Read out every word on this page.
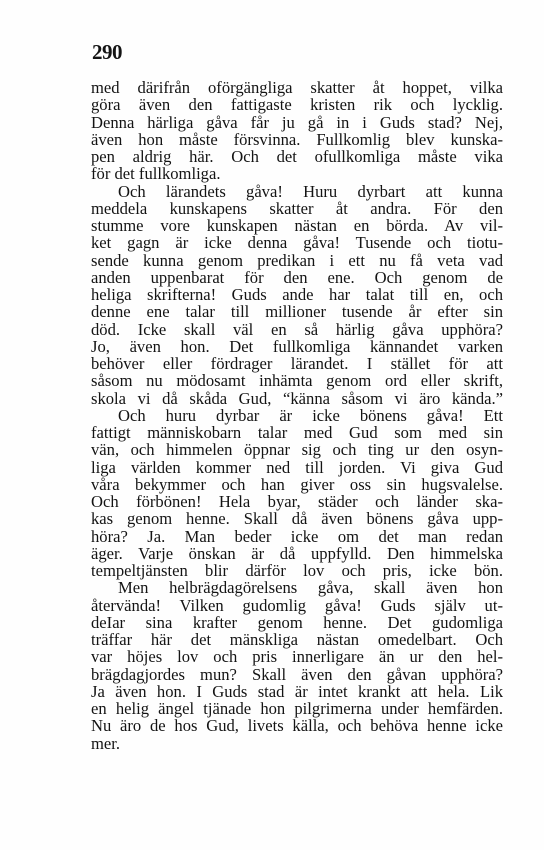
290
med därifrån oförgängliga skatter åt hoppet, vilka
göra även den fattigaste kristen rik och lycklig.
Denna härliga gåva får ju gå in i Guds stad? Nej,
även hon måste försvinna. Fullkomlig blev kunska-
pen aldrig här. Och det ofullkomliga måste vika
för det fullkomliga.
Och lärandets gåva! Huru dyrbart att kunna
meddela kunskapens skatter åt andra. För den
stumme vore kunskapen nästan en börda. Av vil-
ket gagn är icke denna gåva! Tusende och tiotu-
sende kunna genom predikan i ett nu få veta vad
anden uppenbarat för den ene. Och genom de
heliga skrifterna! Guds ande har talat till en, och
denne ene talar till millioner tusende år efter sin
död. Icke skall väl en så härlig gåva upphöra?
Jo, även hon. Det fullkomliga kännandet varken
behöver eller fördrager lärandet. I stället för att
såsom nu mödosamt inhämta genom ord eller skrift,
skola vi då skåda Gud, “känna såsom vi äro kända.”
Och huru dyrbar är icke bönens gåva! Ett
fattigt människobarn talar med Gud som med sin
vän, och himmelen öppnar sig och ting ur den osyn-
liga världen kommer ned till jorden. Vi giva Gud
våra bekymmer och han giver oss sin hugsvalelse.
Och förbönen! Hela byar, städer och länder ska-
kas genom henne. Skall då även bönens gåva upp-
höra? Ja. Man beder icke om det man redan
äger. Varje önskan är då uppfylld. Den himmelska
tempeltjänsten blir därför lov och pris, icke bön.
Men helbrägdagörelsens gåva, skall även hon
återvända! Vilken gudomlig gåva! Guds själv ut-
deIar sina krafter genom henne. Det gudomliga
träffar här det mänskliga nästan omedelbart. Och
var höjes lov och pris innerligare än ur den hel-
brägdagjordes mun? Skall även den gåvan upphöra?
Ja även hon. I Guds stad är intet krankt att hela. Lik
en helig ängel tjänade hon pilgrimerna under hemfärden.
Nu äro de hos Gud, livets källa, och behöva henne icke
mer.
